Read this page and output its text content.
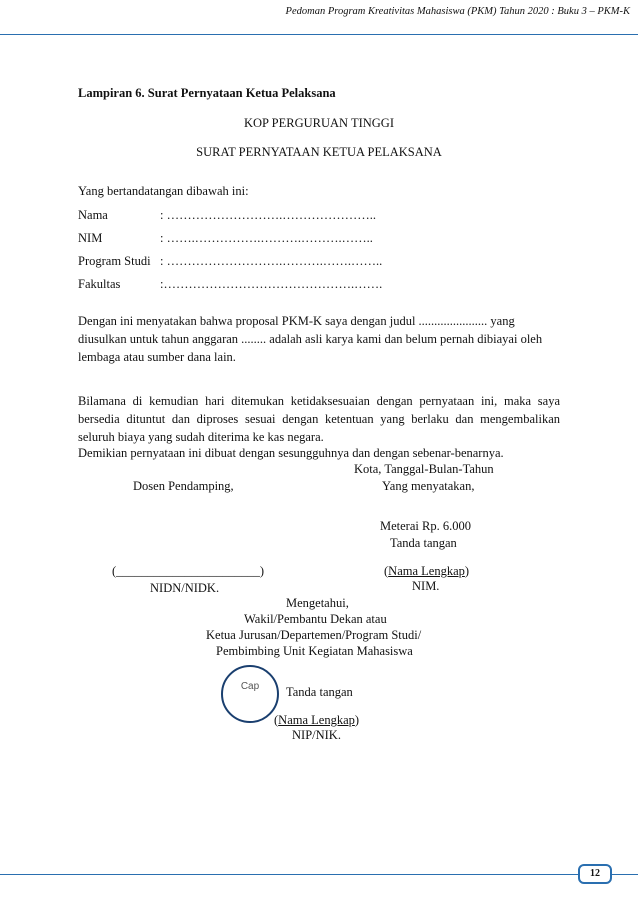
Pedoman Program Kreativitas Mahasiswa (PKM) Tahun 2020 : Buku 3 – PKM-K
Lampiran 6. Surat Pernyataan Ketua Pelaksana
KOP PERGURUAN TINGGI
SURAT PERNYATAAN KETUA PELAKSANA
Yang bertandatangan dibawah ini:
Nama	: ……………………….…………………..
NIM	: …….…………….……….……….……..
Program Studi : ……………………….……….…….……..
Fakultas	:……………………………………….…….
Dengan ini menyatakan bahwa proposal PKM-K saya dengan judul ...................... yang diusulkan untuk tahun anggaran ........ adalah asli karya kami dan belum pernah dibiayai oleh lembaga atau sumber dana lain.
Bilamana di kemudian hari ditemukan ketidaksesuaian dengan pernyataan ini, maka saya bersedia dituntut dan diproses sesuai dengan ketentuan yang berlaku dan mengembalikan seluruh biaya yang sudah diterima ke kas negara.
Demikian pernyataan ini dibuat dengan sesungguhnya dan dengan sebenar-benarnya.
Kota, Tanggal-Bulan-Tahun
Dosen Pendamping,	Yang menyatakan,
Meterai Rp. 6.000
Tanda tangan
(_______________________)	(Nama Lengkap)
NIDN/NIDK.	NIM.
Mengetahui,
Wakil/Pembantu Dekan atau
Ketua Jurusan/Departemen/Program Studi/
Pembimbing Unit Kegiatan Mahasiswa
Cap	Tanda tangan
(Nama Lengkap)
NIP/NIK.
12
